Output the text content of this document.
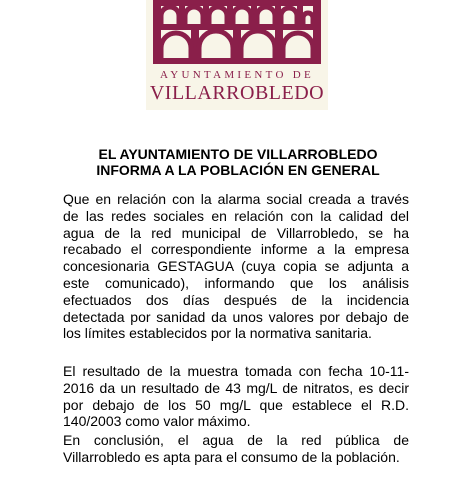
AYUNTAMIENTO DE
VILLARROBLEDO
EL AYUNTAMIENTO DE VILLARROBLEDO
INFORMA A LA POBLACIÓN EN GENERAL

Que en relación con la alarma social creada a través de las redes sociales en relación con la calidad del agua de la red municipal de Villarrobledo, se ha recabado el correspondiente informe a la empresa concesionaria GESTAGUA (cuya copia se adjunta a este comunicado), informando que los análisis efectuados dos días después de la incidencia detectada por sanidad da unos valores por debajo de los límites establecidos por la normativa sanitaria.

El resultado de la muestra tomada con fecha 10-11-2016 da un resultado de 43 mg/L de nitratos, es decir por debajo de los 50 mg/L que establece el R.D. 140/2003 como valor máximo.

En conclusión, el agua de la red pública de Villarrobledo es apta para el consumo de la población.
